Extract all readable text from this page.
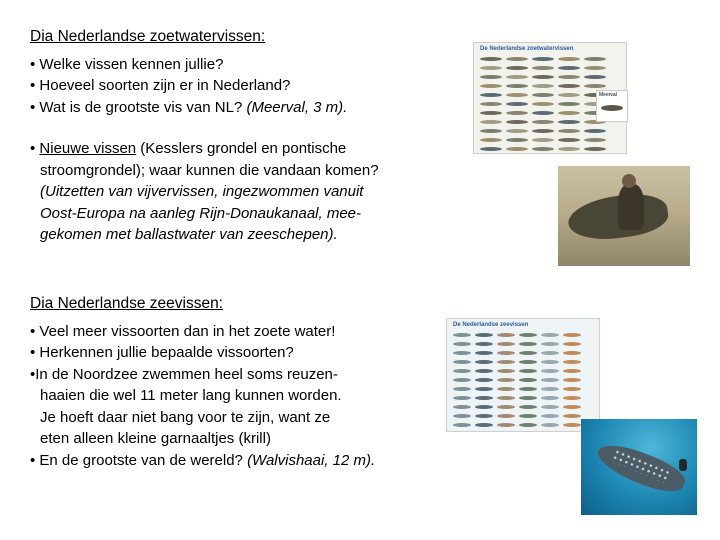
Dia Nederlandse zoetwatervissen:

• Welke vissen kennen jullie?

• Hoeveel soorten zijn er in Nederland?

• Wat is de grootste vis van NL? (Meerval, 3 m).

• Nieuwe vissen (Kesslers grondel en pontische

stroomgrondel); waar kunnen die vandaan komen?

(Uitzetten van vijvervissen, ingezwommen vanuit

Oost-Europa na aanleg Rijn-Donaukanaal, mee-

gekomen met ballastwater van zeeschepen).

Dia Nederlandse zeevissen:

• Veel meer vissoorten dan in het zoete water!

• Herkennen jullie bepaalde vissoorten?

•In de Noordzee zwemmen heel soms reuzen-

haaien die wel 11 meter lang kunnen worden.

Je hoeft daar niet bang voor te zijn, want ze

eten alleen kleine garnaaltjes (krill)

• En de grootste van de wereld? (Walvishaai, 12 m).

De Nederlandse zoetwatervissen
Meerval
De Nederlandse zeevissen
